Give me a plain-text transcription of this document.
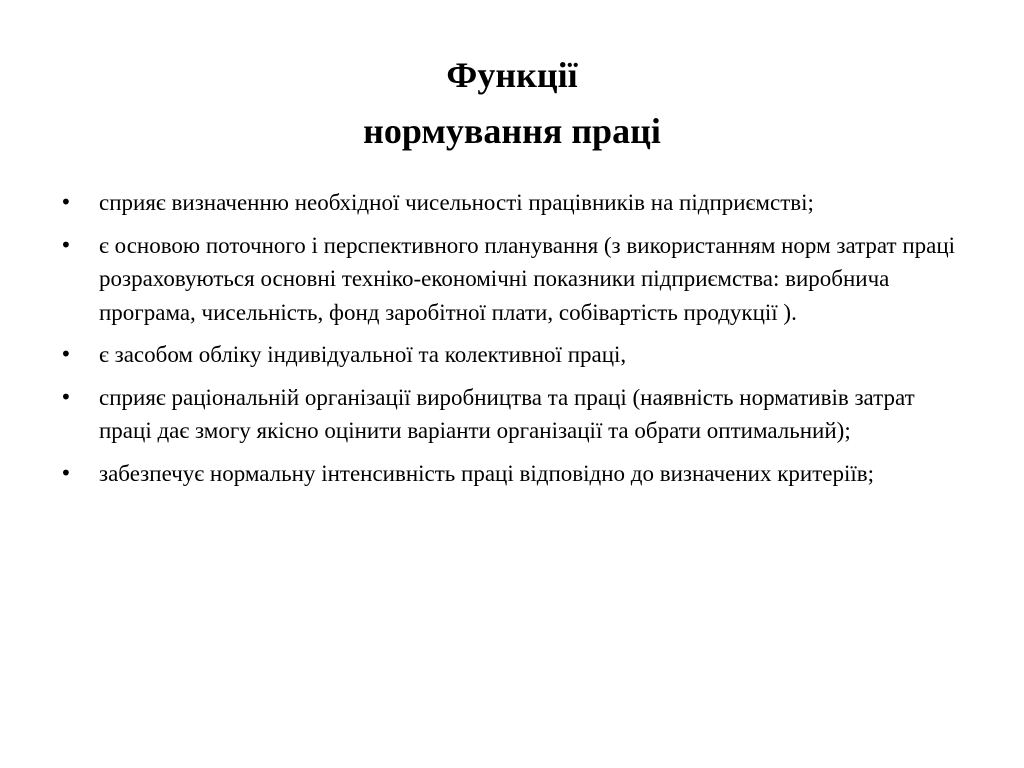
Функції
нормування праці
• сприяє визначенню необхідної чисельності працівників на підприємстві;
• є основою поточного і перспективного планування (з використанням норм затрат праці розраховуються основні техніко-економічні показники підприємства: виробнича програма, чисельність, фонд заробітної плати, собівартість продукції ).
• є засобом обліку індивідуальної та колективної праці,
• сприяє раціональній організації виробництва та праці (наявність нормативів затрат праці дає змогу якісно оцінити варіанти організації та обрати оптимальний);
• забезпечує нормальну інтенсивність праці відповідно до визначених критеріїв;
